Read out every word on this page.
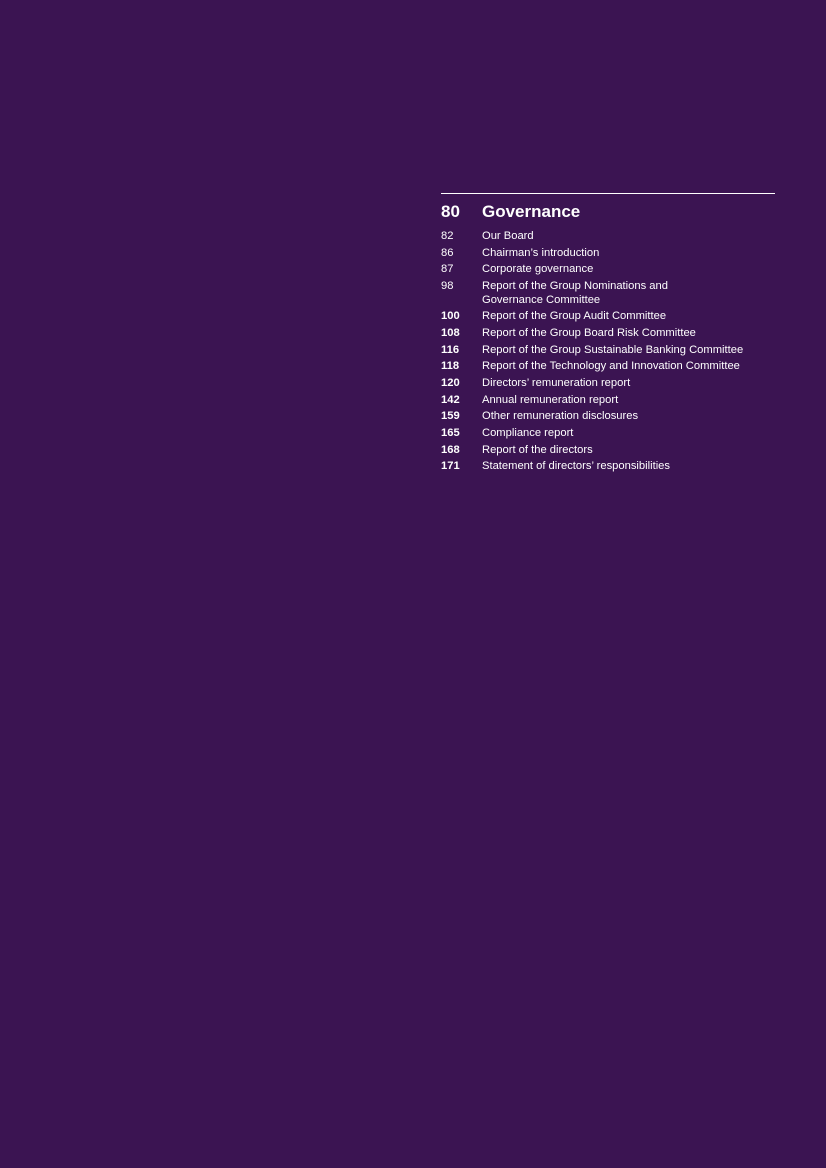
80	Governance
82	Our Board
86	Chairman’s introduction
87	Corporate governance
98	Report of the Group Nominations and
Governance Committee
100	Report of the Group Audit Committee
108	Report of the Group Board Risk Committee
116	Report of the Group Sustainable Banking Committee
118	Report of the Technology and Innovation Committee
120	Directors’ remuneration report
142	Annual remuneration report
159	Other remuneration disclosures
165	Compliance report
168	Report of the directors
171	Statement of directors’ responsibilities
